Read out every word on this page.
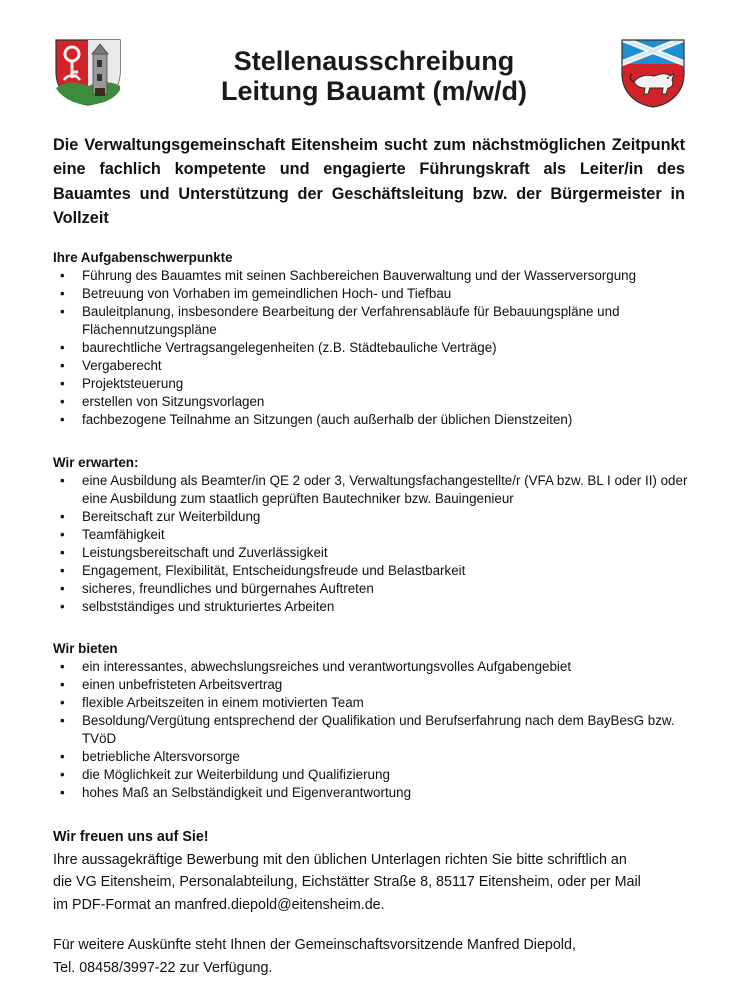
Stellenausschreibung
Leitung Bauamt (m/w/d)
Die Verwaltungsgemeinschaft Eitensheim sucht zum nächstmöglichen Zeitpunkt eine fachlich kompetente und engagierte Führungskraft als Leiter/in des Bauamtes und Unterstützung der Geschäftsleitung bzw. der Bürgermeister in Vollzeit

Ihre Aufgabenschwerpunkte

• Führung des Bauamtes mit seinen Sachbereichen Bauverwaltung und der Wasserversorgung
• Betreuung von Vorhaben im gemeindlichen Hoch- und Tiefbau
• Bauleitplanung, insbesondere Bearbeitung der Verfahrensabläufe für Bebauungspläne und Flächennutzungspläne
• baurechtliche Vertragsangelegenheiten (z.B. Städtebauliche Verträge)
• Vergaberecht
• Projektsteuerung
• erstellen von Sitzungsvorlagen
• fachbezogene Teilnahme an Sitzungen (auch außerhalb der üblichen Dienstzeiten)

Wir erwarten:

• eine Ausbildung als Beamter/in QE 2 oder 3, Verwaltungsfachangestellte/r (VFA bzw. BL I oder II) oder eine Ausbildung zum staatlich geprüften Bautechniker bzw. Bauingenieur
• Bereitschaft zur Weiterbildung
• Teamfähigkeit
• Leistungsbereitschaft und Zuverlässigkeit
• Engagement, Flexibilität, Entscheidungsfreude und Belastbarkeit
• sicheres, freundliches und bürgernahes Auftreten
• selbstständiges und strukturiertes Arbeiten

Wir bieten

• ein interessantes, abwechslungsreiches und verantwortungsvolles Aufgabengebiet
• einen unbefristeten Arbeitsvertrag
• flexible Arbeitszeiten in einem motivierten Team
• Besoldung/Vergütung entsprechend der Qualifikation und Berufserfahrung nach dem BayBesG bzw. TVöD
• betriebliche Altersvorsorge
• die Möglichkeit zur Weiterbildung und Qualifizierung
• hohes Maß an Selbständigkeit und Eigenverantwortung
Wir freuen uns auf Sie!
Ihre aussagekräftige Bewerbung mit den üblichen Unterlagen richten Sie bitte schriftlich an
die VG Eitensheim, Personalabteilung, Eichstätter Straße 8, 85117 Eitensheim, oder per Mail
im PDF-Format an manfred.diepold@eitensheim.de.
Für weitere Auskünfte steht Ihnen der Gemeinschaftsvorsitzende Manfred Diepold,
Tel. 08458/3997-22 zur Verfügung.
